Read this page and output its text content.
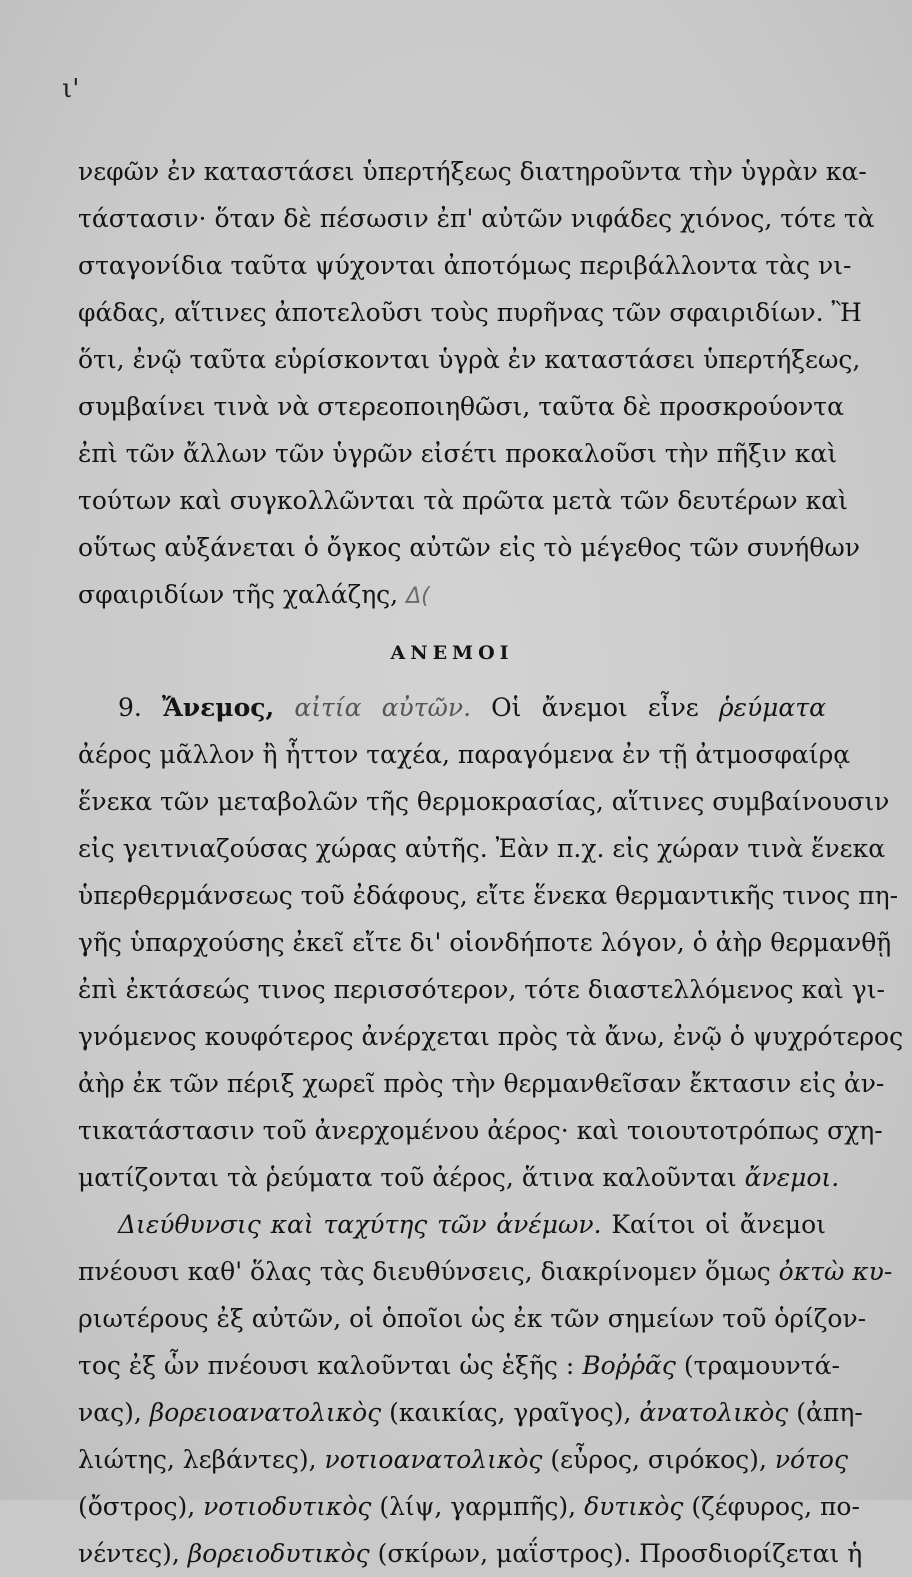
ι'
νεφῶν ἐν καταστάσει ὑπερτήξεως διατηροῦντα τὴν ὑγρὰν κα-
τάστασιν· ὅταν δὲ πέσωσιν ἐπ' αὐτῶν νιφάδες χιόνος, τότε τὰ
σταγονίδια ταῦτα ψύχονται ἀποτόμως περιβάλλοντα τὰς νι-
φάδας, αἵτινες ἀποτελοῦσι τοὺς πυρῆνας τῶν σφαιριδίων. Ἢ
ὅτι, ἐνῷ ταῦτα εὑρίσκονται ὑγρὰ ἐν καταστάσει ὑπερτήξεως,
συμβαίνει τινὰ νὰ στερεοποιηθῶσι, ταῦτα δὲ προσκρούοντα
ἐπὶ τῶν ἄλλων τῶν ὑγρῶν εἰσέτι προκαλοῦσι τὴν πῆξιν καὶ
τούτων καὶ συγκολλῶνται τὰ πρῶτα μετὰ τῶν δευτέρων καὶ
οὕτως αὐξάνεται ὁ ὄγκος αὐτῶν εἰς τὸ μέγεθος τῶν συνήθων
σφαιριδίων τῆς χαλάζης, Δ(
ΑΝΕΜΟΙ
9. Ἄνεμος, αἰτία αὐτῶν. Οἱ ἄνεμοι εἶνε ῥεύματα
ἀέρος μᾶλλον ἢ ἧττον ταχέα, παραγόμενα ἐν τῇ ἀτμοσφαίρᾳ
ἕνεκα τῶν μεταβολῶν τῆς θερμοκρασίας, αἵτινες συμβαίνουσιν
εἰς γειτνιαζούσας χώρας αὐτῆς. Ἐὰν π.χ. εἰς χώραν τινὰ ἕνεκα
ὑπερθερμάνσεως τοῦ ἐδάφους, εἴτε ἕνεκα θερμαντικῆς τινος πη-
γῆς ὑπαρχούσης ἐκεῖ εἴτε δι' οἱονδήποτε λόγον, ὁ ἀὴρ θερμανθῇ
ἐπὶ ἐκτάσεώς τινος περισσότερον, τότε διαστελλόμενος καὶ γι-
γνόμενος κουφότερος ἀνέρχεται πρὸς τὰ ἄνω, ἐνῷ ὁ ψυχρότερος
ἀὴρ ἐκ τῶν πέριξ χωρεῖ πρὸς τὴν θερμανθεῖσαν ἔκτασιν εἰς ἀν-
τικατάστασιν τοῦ ἀνερχομένου ἀέρος· καὶ τοιουτοτρόπως σχη-
ματίζονται τὰ ῥεύματα τοῦ ἀέρος, ἅτινα καλοῦνται ἄνεμοι.
Διεύθυνσις καὶ ταχύτης τῶν ἀνέμων. Καίτοι οἱ ἄνεμοι
πνέουσι καθ' ὅλας τὰς διευθύνσεις, διακρίνομεν ὅμως ὀκτὼ κυ-
ριωτέρους ἐξ αὐτῶν, οἱ ὁποῖοι ὡς ἐκ τῶν σημείων τοῦ ὁρίζον-
τος ἐξ ὧν πνέουσι καλοῦνται ὡς ἑξῆς : Βοῤῥᾶς (τραμουντά-
νας), βορειοανατολικὸς (καικίας, γραῖγος), ἀνατολικὸς (ἀπη-
λιώτης, λεβάντες), νοτιοανατολικὸς (εὖρος, σιρόκος), νότος
(ὄστρος), νοτιοδυτικὸς (λίψ, γαρμπῆς), δυτικὸς (ζέφυρος, πο-
νέντες), βορειοδυτικὸς (σκίρων, μαΐστρος). Προσδιορίζεται ἡ
